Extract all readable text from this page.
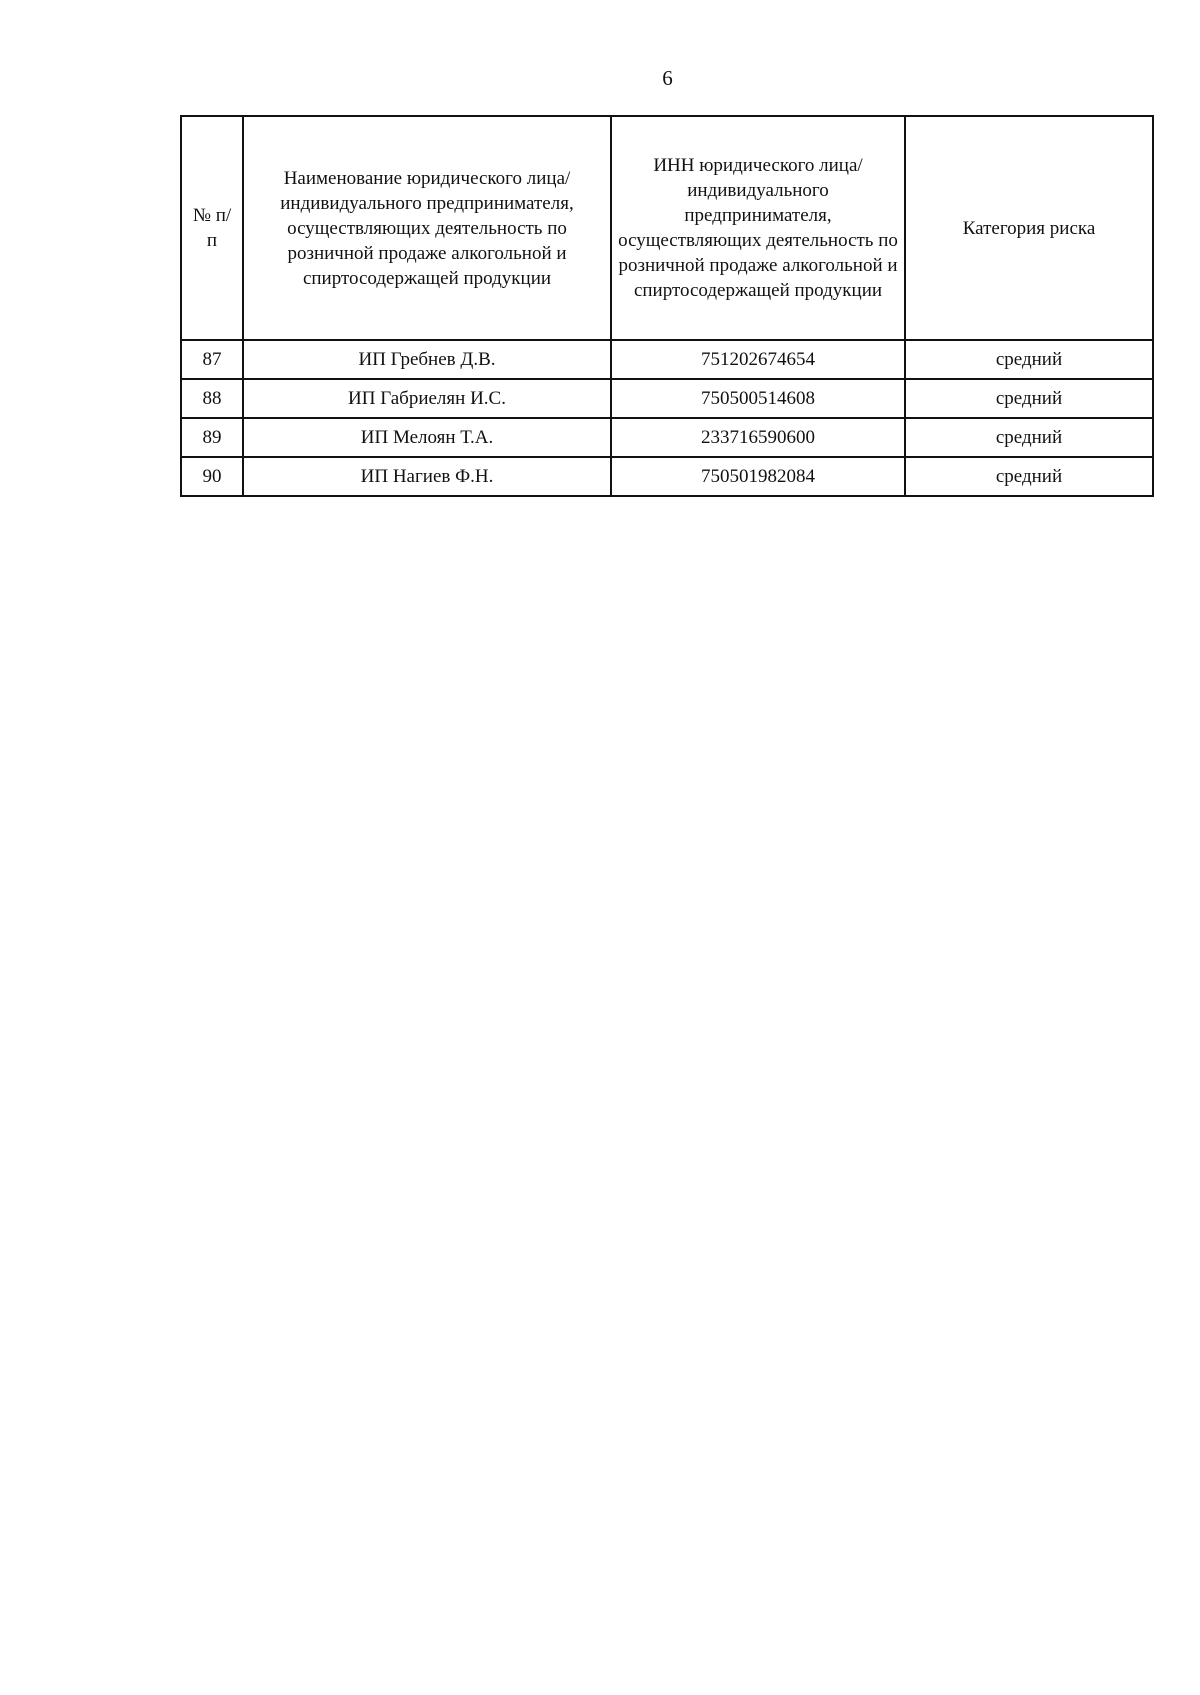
6
№ п/п	Наименование юридического лица/индивидуального предпринимателя, осуществляющих деятельность по розничной продаже алкогольной и спиртосодержащей продукции	ИНН юридического лица/индивидуального предпринимателя, осуществляющих деятельность по розничной продаже алкогольной и спиртосодержащей продукции	Категория риска
87	ИП Гребнев Д.В.	751202674654	средний
88	ИП Габриелян И.С.	750500514608	средний
89	ИП Мелоян Т.А.	233716590600	средний
90	ИП Нагиев Ф.Н.	750501982084	средний
